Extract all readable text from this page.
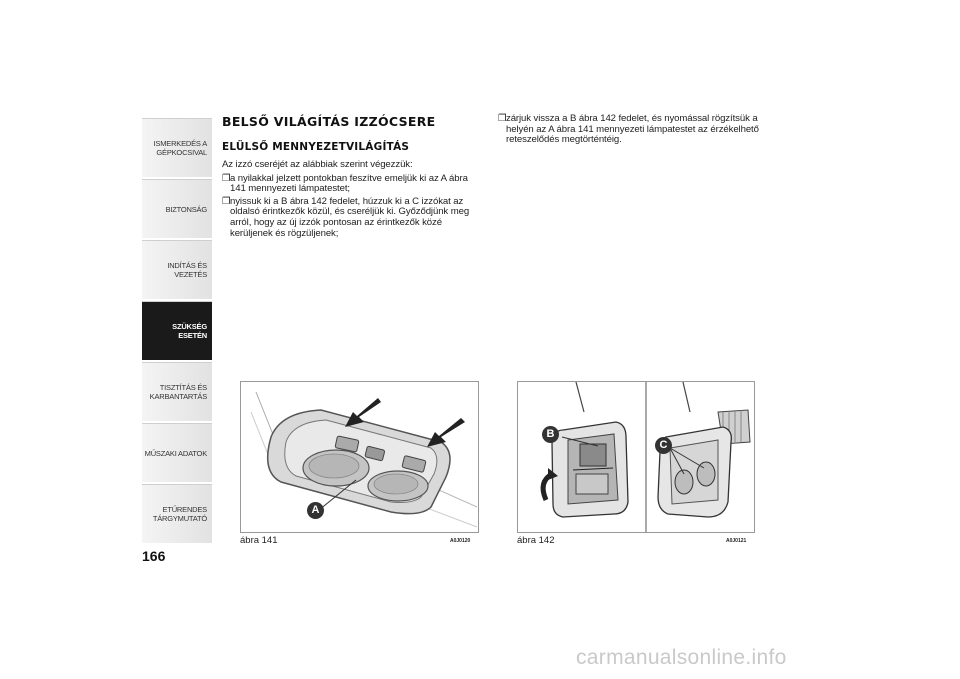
ISMERKEDÉS A GÉPKOCSIVAL
BIZTONSÁG
INDÍTÁS ÉS VEZETÉS
SZÜKSÉG ESETÉN
TISZTÍTÁS ÉS KARBANTARTÁS
MŰSZAKI ADATOK
ETŰRENDES TÁRGYMUTATÓ
166
BELSŐ VILÁGÍTÁS IZZÓCSERE
ELÜLSŐ MENNYEZETVILÁGÍTÁS
Az izzó cseréjét az alábbiak szerint végezzük:
❒ a nyilakkal jelzett pontokban feszítve emeljük ki az A ábra 141 mennyezeti lámpatestet;
❒ nyissuk ki a B ábra 142 fedelet, húzzuk ki a C izzókat az oldalsó érintkezők közül, és cseréljük ki. Győződjünk meg arról, hogy az új izzók pontosan az érintkezők közé kerüljenek és rögzüljenek;
❒ zárjuk vissza a B ábra 142 fedelet, és nyomással rögzítsük a helyén az A ábra 141 mennyezeti lámpatestet az érzékelhető reteszelődés megtörténtéig.
A
ábra 141	A0J0120
B
C
ábra 142	A0J0121
carmanualsonline.info
